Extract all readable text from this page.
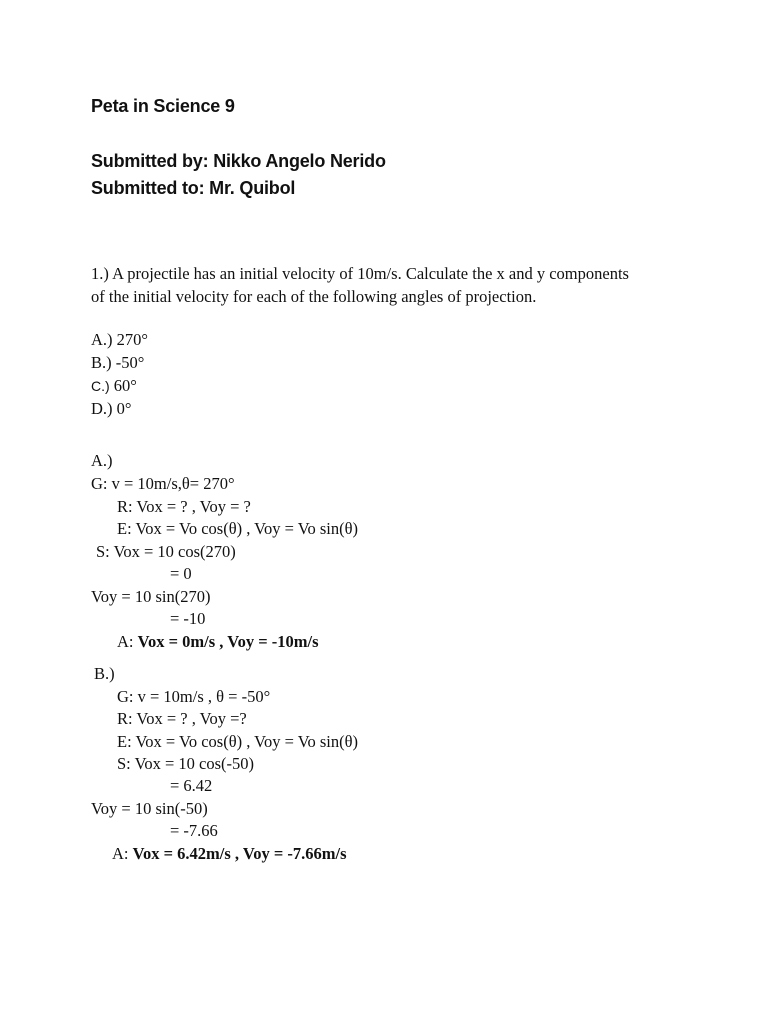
Peta in Science 9
Submitted by: Nikko Angelo Nerido
Submitted to: Mr. Quibol
1.) A projectile has an initial velocity of 10m/s. Calculate the x and y components
of the initial velocity for each of the following angles of projection.
A.) 270°
B.) -50°
C.) 60°
D.) 0°
A.)
G: v = 10m/s,θ= 270°
R: Vox = ? , Voy = ?
E: Vox = Vo cos(θ) , Voy = Vo sin(θ)
S: Vox = 10 cos(270)
= 0
Voy = 10 sin(270)
= -10
A: Vox = 0m/s , Voy = -10m/s
B.)
G: v = 10m/s , θ = -50°
R: Vox = ? , Voy =?
E: Vox = Vo cos(θ) , Voy = Vo sin(θ)
S: Vox = 10 cos(-50)
= 6.42
Voy = 10 sin(-50)
= -7.66
A: Vox = 6.42m/s , Voy = -7.66m/s
